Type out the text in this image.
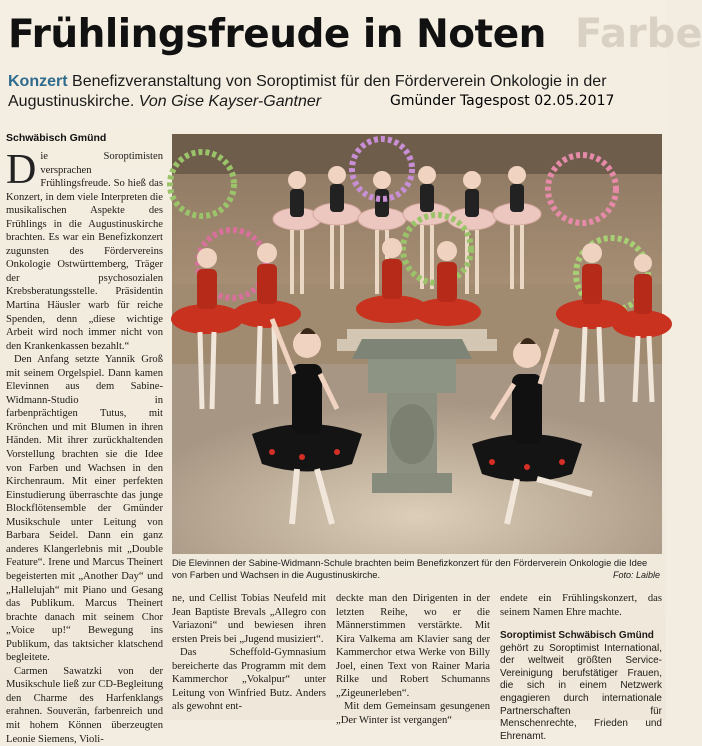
Frühlingsfreude in Noten Farbe
Konzert Benefizveranstaltung von Soroptimist für den Förderverein Onkologie in der Augustinuskirche. Von Gise Kayser-Gantner	Gmünder Tagespost 02.05.2017
Schwäbisch Gmünd
D ie Soroptimisten versprachen Frühlingsfreude. So hieß das Konzert, in dem viele Interpreten die musikalischen Aspekte des Frühlings in die Augustinuskirche brachten. Es war ein Benefizkonzert zugunsten des Fördervereins Onkologie Ostwürttemberg, Träger der psychosozialen Krebsberatungsstelle. Präsidentin Martina Häusler warb für reiche Spenden, denn „diese wichtige Arbeit wird noch immer nicht von den Krankenkassen bezahlt.“

Den Anfang setzte Yannik Groß mit seinem Orgelspiel. Dann kamen Elevinnen aus dem Sabine-Widmann-Studio in farbenprächtigen Tutus, mit Krönchen und mit Blumen in ihren Händen. Mit ihrer zurückhaltenden Vorstellung brachten sie die Idee von Farben und Wachsen in den Kirchenraum. Mit einer perfekten Einstudierung überraschte das junge Blockflötensemble der Gmünder Musikschule unter Leitung von Barbara Seidel. Dann ein ganz anderes Klangerlebnis mit „Double Feature“. Irene und Marcus Theinert begeisterten mit „Another Day“ und „Hallelujah“ mit Piano und Gesang das Publikum. Marcus Theinert brachte danach mit seinem Chor „Voice up!“ Bewegung ins Publikum, das taktsicher klatschend begleitete.

Carmen Sawatzki von der Musikschule ließ zur CD-Begleitung den Charme des Harfenklangs erahnen. Souverän, farbenreich und mit hohem Können überzeugten Leonie Siemens, Violi-

Die Elevinnen der Sabine-Widmann-Schule brachten beim Benefizkonzert für den Förderverein Onkologie die Idee von Farben und Wachsen in die Augustinuskirche.	Foto: Laible

ne, und Cellist Tobias Neufeld mit Jean Baptiste Brevals „Allegro con Variazoni“ und bewiesen ihren ersten Preis bei „Jugend musiziert“.

Das Scheffold-Gymnasium bereicherte das Programm mit dem Kammerchor „Vokalpur“ unter Leitung von Winfried Butz. Anders als gewohnt ent-

deckte man den Dirigenten in der letzten Reihe, wo er die Männerstimmen verstärkte. Mit Kira Valkema am Klavier sang der Kammerchor etwa Werke von Billy Joel, einen Text von Rainer Maria Rilke und Robert Schumanns „Zigeunerleben“.

Mit dem Gemeinsam gesungenen „Der Winter ist vergangen“

endete ein Frühlingskonzert, das seinem Namen Ehre machte.

Soroptimist Schwäbisch Gmünd
gehört zu Soroptimist International, der weltweit größten Service-Vereinigung berufstätiger Frauen, die sich in einem Netzwerk engagieren durch internationale Partnerschaften für Menschenrechte, Frieden und Ehrenamt.
